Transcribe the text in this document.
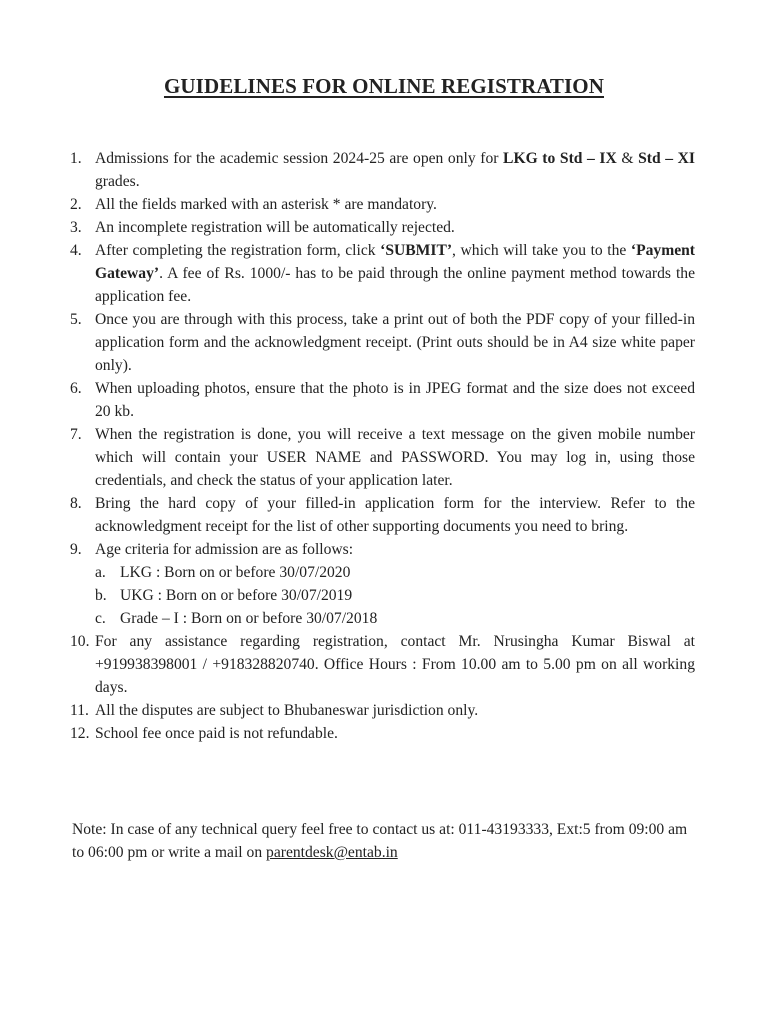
GUIDELINES FOR ONLINE REGISTRATION
1. Admissions for the academic session 2024-25 are open only for LKG to Std – IX & Std – XI grades.
2. All the fields marked with an asterisk * are mandatory.
3. An incomplete registration will be automatically rejected.
4. After completing the registration form, click ‘SUBMIT’, which will take you to the ‘Payment Gateway’. A fee of Rs. 1000/- has to be paid through the online payment method towards the application fee.
5. Once you are through with this process, take a print out of both the PDF copy of your filled-in application form and the acknowledgment receipt. (Print outs should be in A4 size white paper only).
6. When uploading photos, ensure that the photo is in JPEG format and the size does not exceed 20 kb.
7. When the registration is done, you will receive a text message on the given mobile number which will contain your USER NAME and PASSWORD. You may log in, using those credentials, and check the status of your application later.
8. Bring the hard copy of your filled-in application form for the interview. Refer to the acknowledgment receipt for the list of other supporting documents you need to bring.
9. Age criteria for admission are as follows:
a. LKG : Born on or before 30/07/2020
b. UKG : Born on or before 30/07/2019
c. Grade – I : Born on or before 30/07/2018
10. For any assistance regarding registration, contact Mr. Nrusingha Kumar Biswal at +919938398001 / +918328820740. Office Hours : From 10.00 am to 5.00 pm on all working days.
11. All the disputes are subject to Bhubaneswar jurisdiction only.
12. School fee once paid is not refundable.
Note: In case of any technical query feel free to contact us at: 011-43193333, Ext:5 from 09:00 am to 06:00 pm or write a mail on parentdesk@entab.in
